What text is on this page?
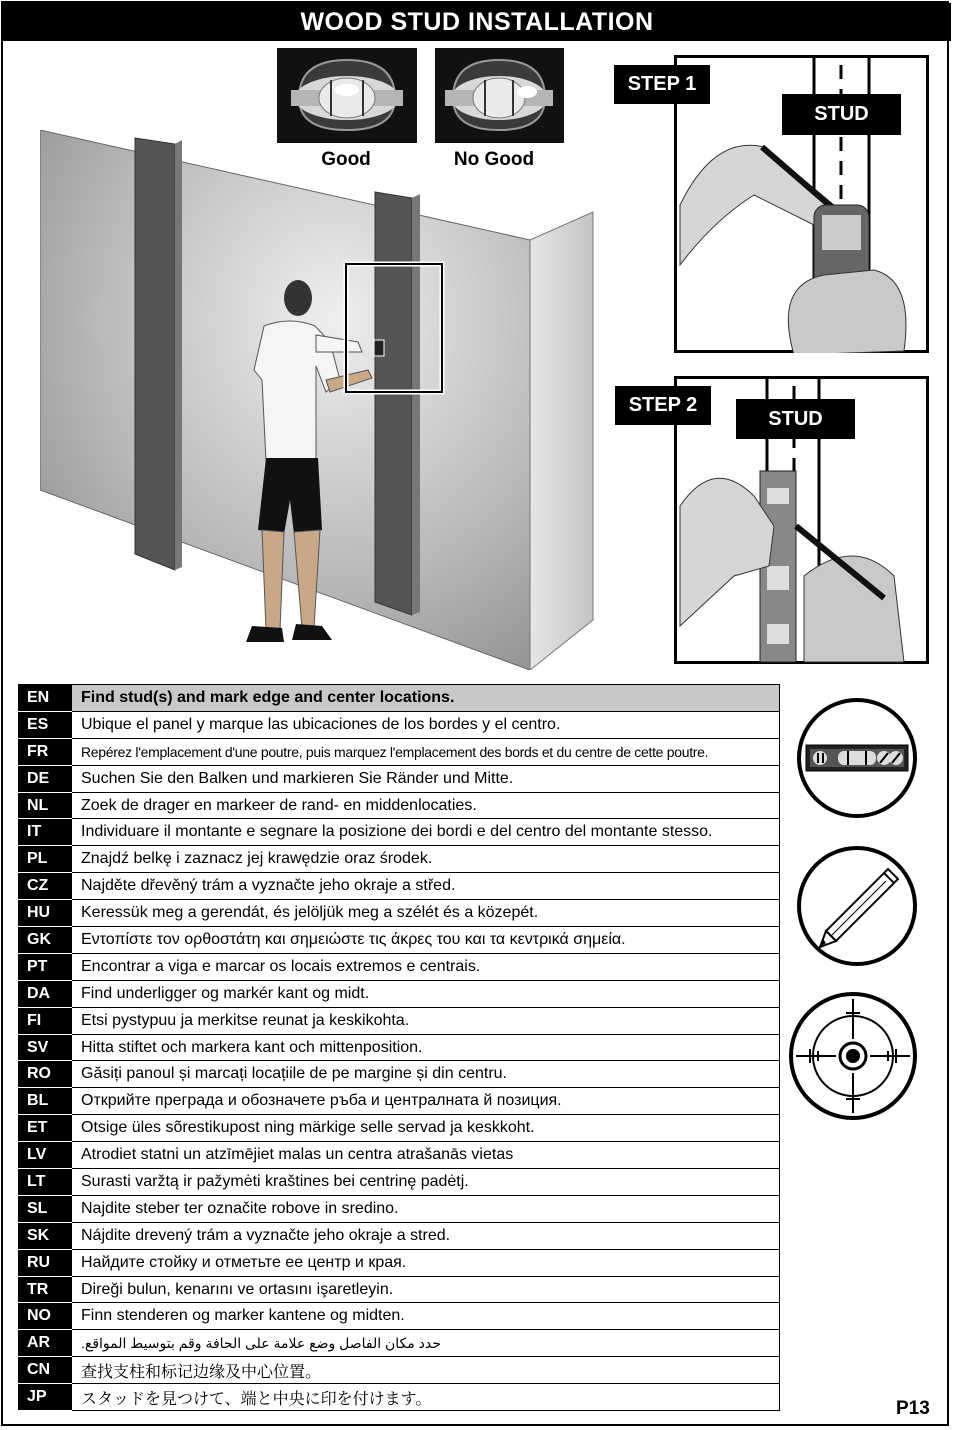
WOOD STUD INSTALLATION
Good	No Good
STEP 1
STUD
STEP 2
STUD
EN	Find stud(s) and mark edge and center locations.
ES	Ubique el panel y marque las ubicaciones de los bordes y el centro.
FR	Repérez l'emplacement d'une poutre, puis marquez l'emplacement des bords et du centre de cette poutre.
DE	Suchen Sie den Balken und markieren Sie Ränder und Mitte.
NL	Zoek de drager en markeer de rand- en middenlocaties.
IT	Individuare il montante e segnare la posizione dei bordi e del centro del montante stesso.
PL	Znajdź belkę i zaznacz jej krawędzie oraz środek.
CZ	Najděte dřevěný trám a vyznačte jeho okraje a střed.
HU	Keressük meg a gerendát, és jelöljük meg a szélét és a közepét.
GK	Εντοπίστε τον ορθοστάτη και σημειώστε τις άκρες του και τα κεντρικά σημεία.
PT	Encontrar a viga e marcar os locais extremos e centrais.
DA	Find underligger og markér kant og midt.
FI	Etsi pystypuu ja merkitse reunat ja keskikohta.
SV	Hitta stiftet och markera kant och mittenposition.
RO	Găsiți panoul și marcați locațiile de pe margine și din centru.
BL	Открийте преграда и обозначете ръба и централната й позиция.
ET	Otsige üles sõrestikupost ning märkige selle servad ja keskkoht.
LV	Atrodiet statni un atzīmējiet malas un centra atrašanās vietas
LT	Surasti varžtą ir pažymėti kraštines bei centrinę padėtj.
SL	Najdite steber ter označite robove in sredino.
SK	Nájdite drevený trám a vyznačte jeho okraje a stred.
RU	Найдите стойку и отметьте ее центр и края.
TR	Direği bulun, kenarını ve ortasını işaretleyin.
NO	Finn stenderen og marker kantene og midten.
AR	حدد مكان الفاصل وضع علامة على الحافة وقم بتوسيط المواقع.
CN	查找支柱和标记边缘及中心位置。
JP	スタッドを見つけて、端と中央に印を付けます。	P13
